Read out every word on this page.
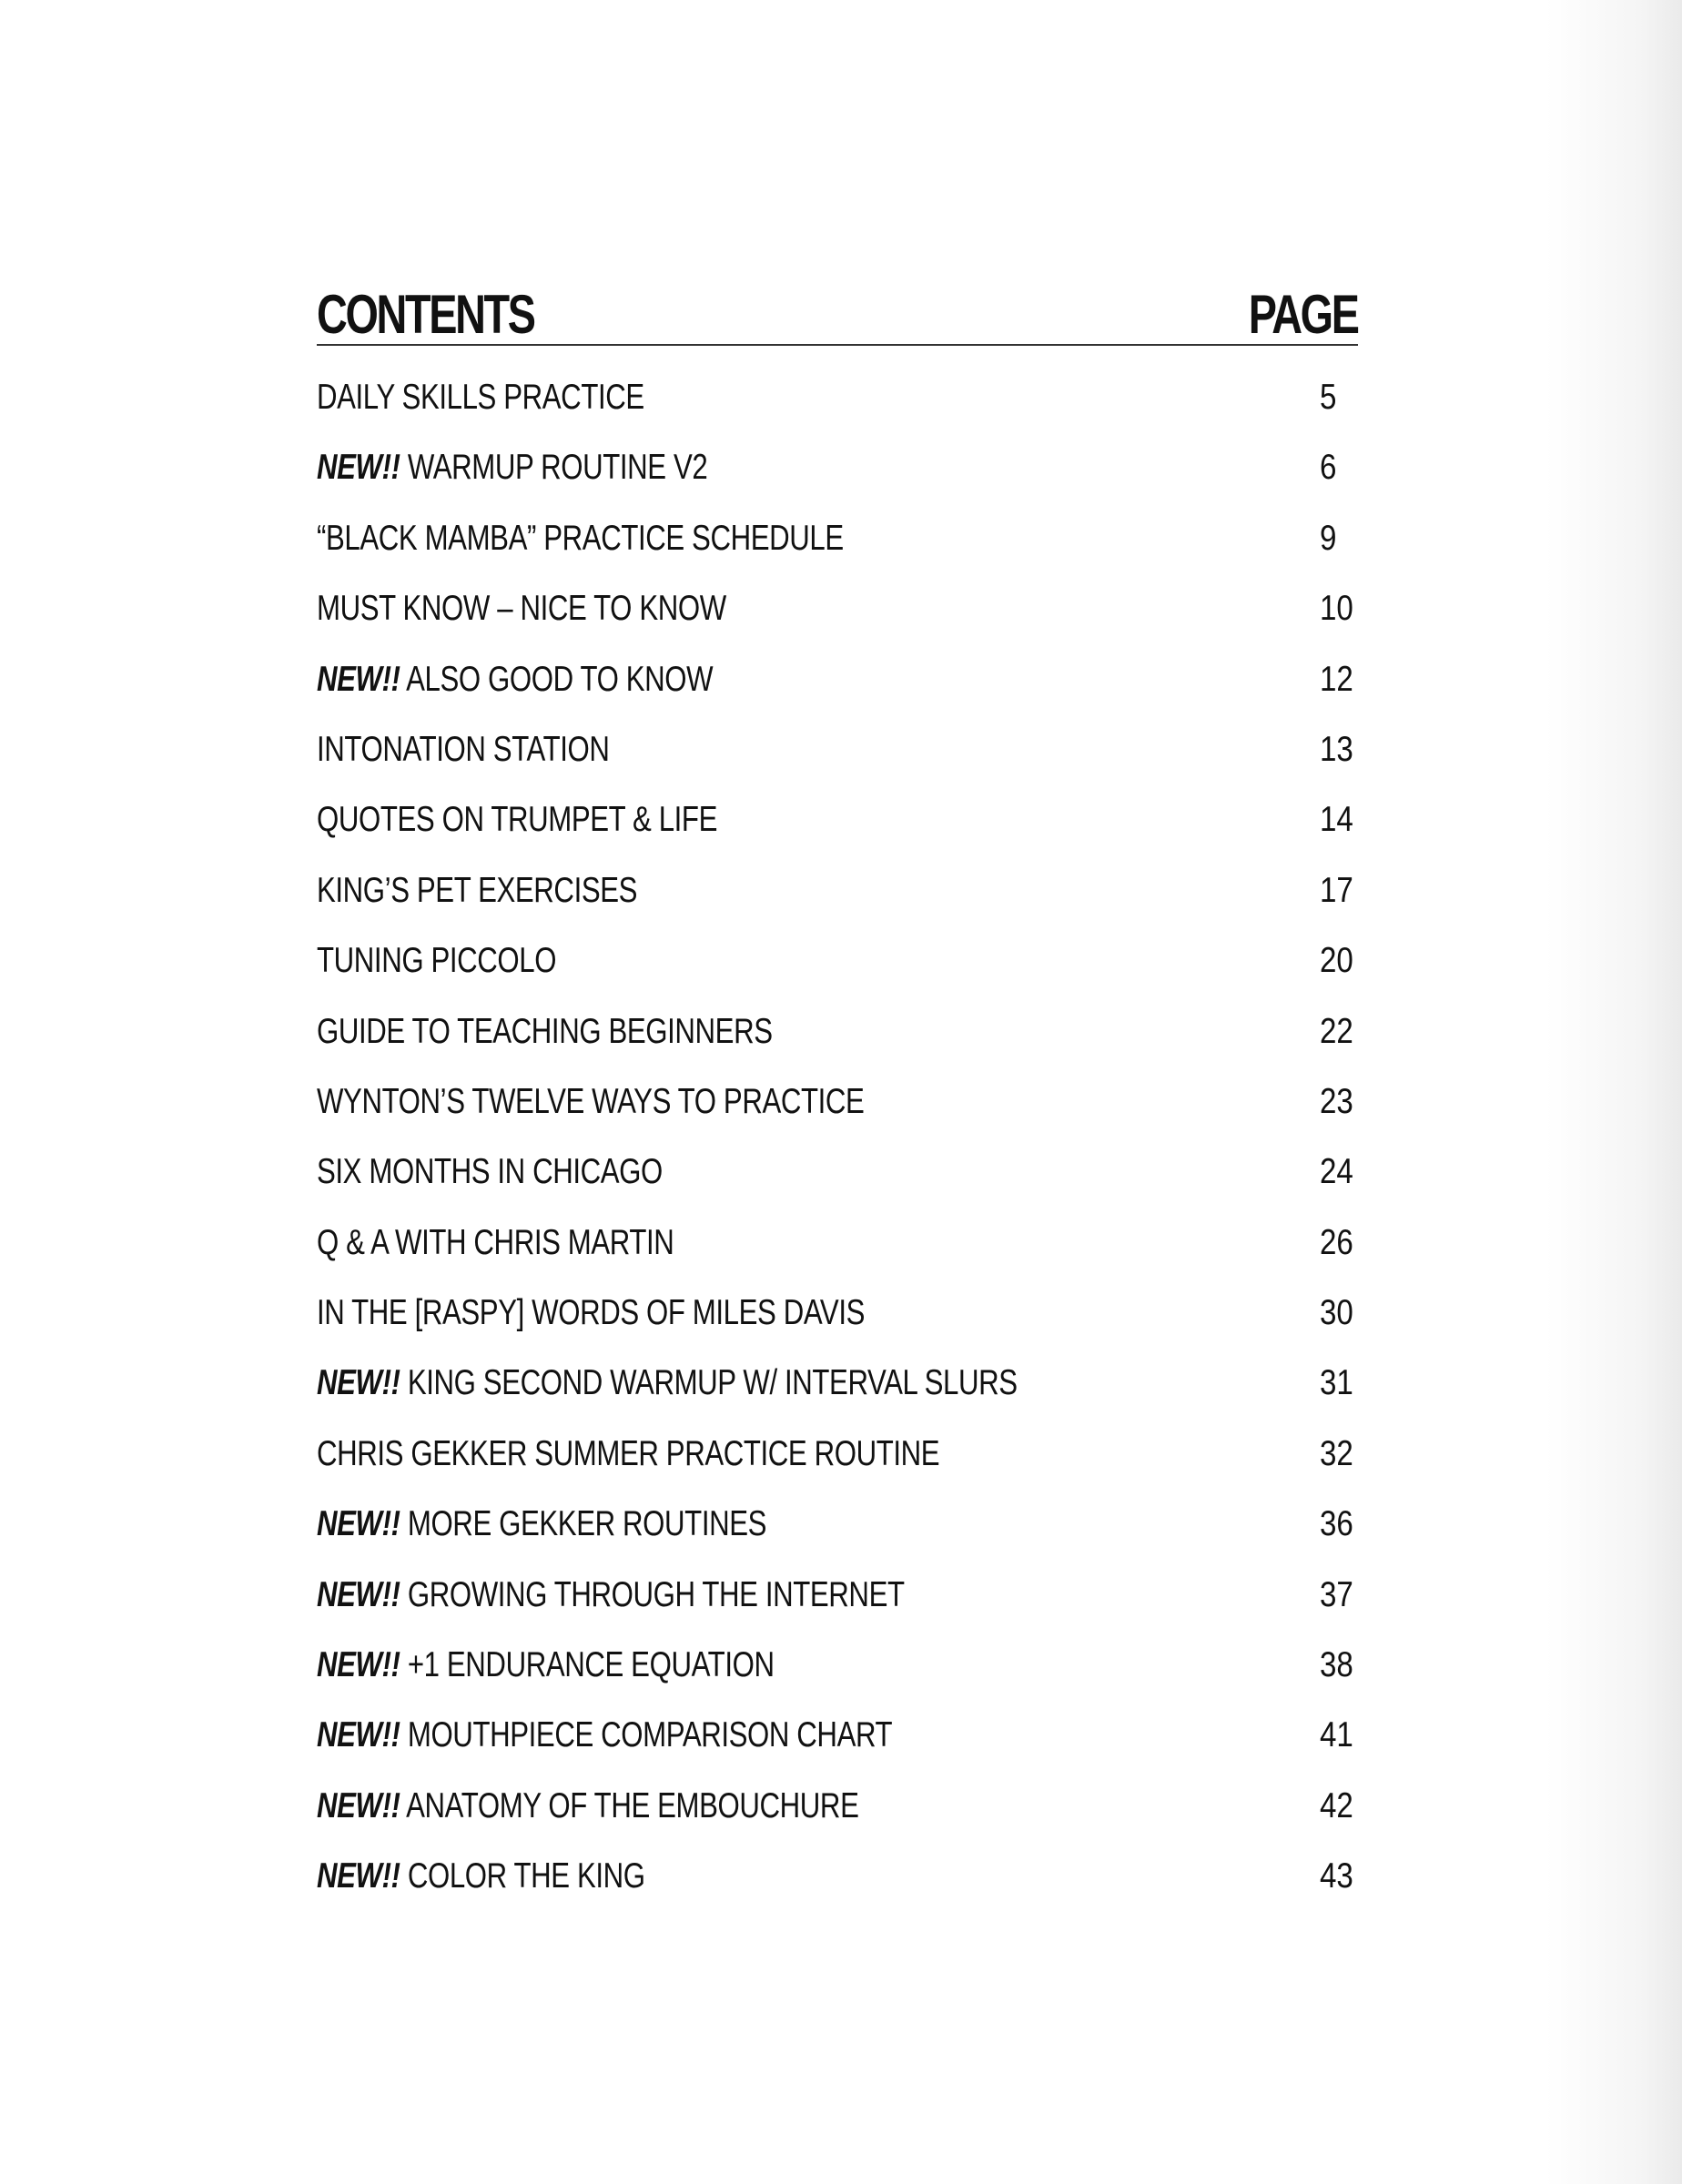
CONTENTS	PAGE
DAILY SKILLS PRACTICE	5
NEW!! WARMUP ROUTINE V2	6
“BLACK MAMBA” PRACTICE SCHEDULE	9
MUST KNOW – NICE TO KNOW	10
NEW!! ALSO GOOD TO KNOW	12
INTONATION STATION	13
QUOTES ON TRUMPET & LIFE	14
KING’S PET EXERCISES	17
TUNING PICCOLO	20
GUIDE TO TEACHING BEGINNERS	22
WYNTON’S TWELVE WAYS TO PRACTICE	23
SIX MONTHS IN CHICAGO	24
Q & A WITH CHRIS MARTIN	26
IN THE [RASPY] WORDS OF MILES DAVIS	30
NEW!! KING SECOND WARMUP W/ INTERVAL SLURS	31
CHRIS GEKKER SUMMER PRACTICE ROUTINE	32
NEW!! MORE GEKKER ROUTINES	36
NEW!! GROWING THROUGH THE INTERNET	37
NEW!! +1 ENDURANCE EQUATION	38
NEW!! MOUTHPIECE COMPARISON CHART	41
NEW!! ANATOMY OF THE EMBOUCHURE	42
NEW!! COLOR THE KING	43
